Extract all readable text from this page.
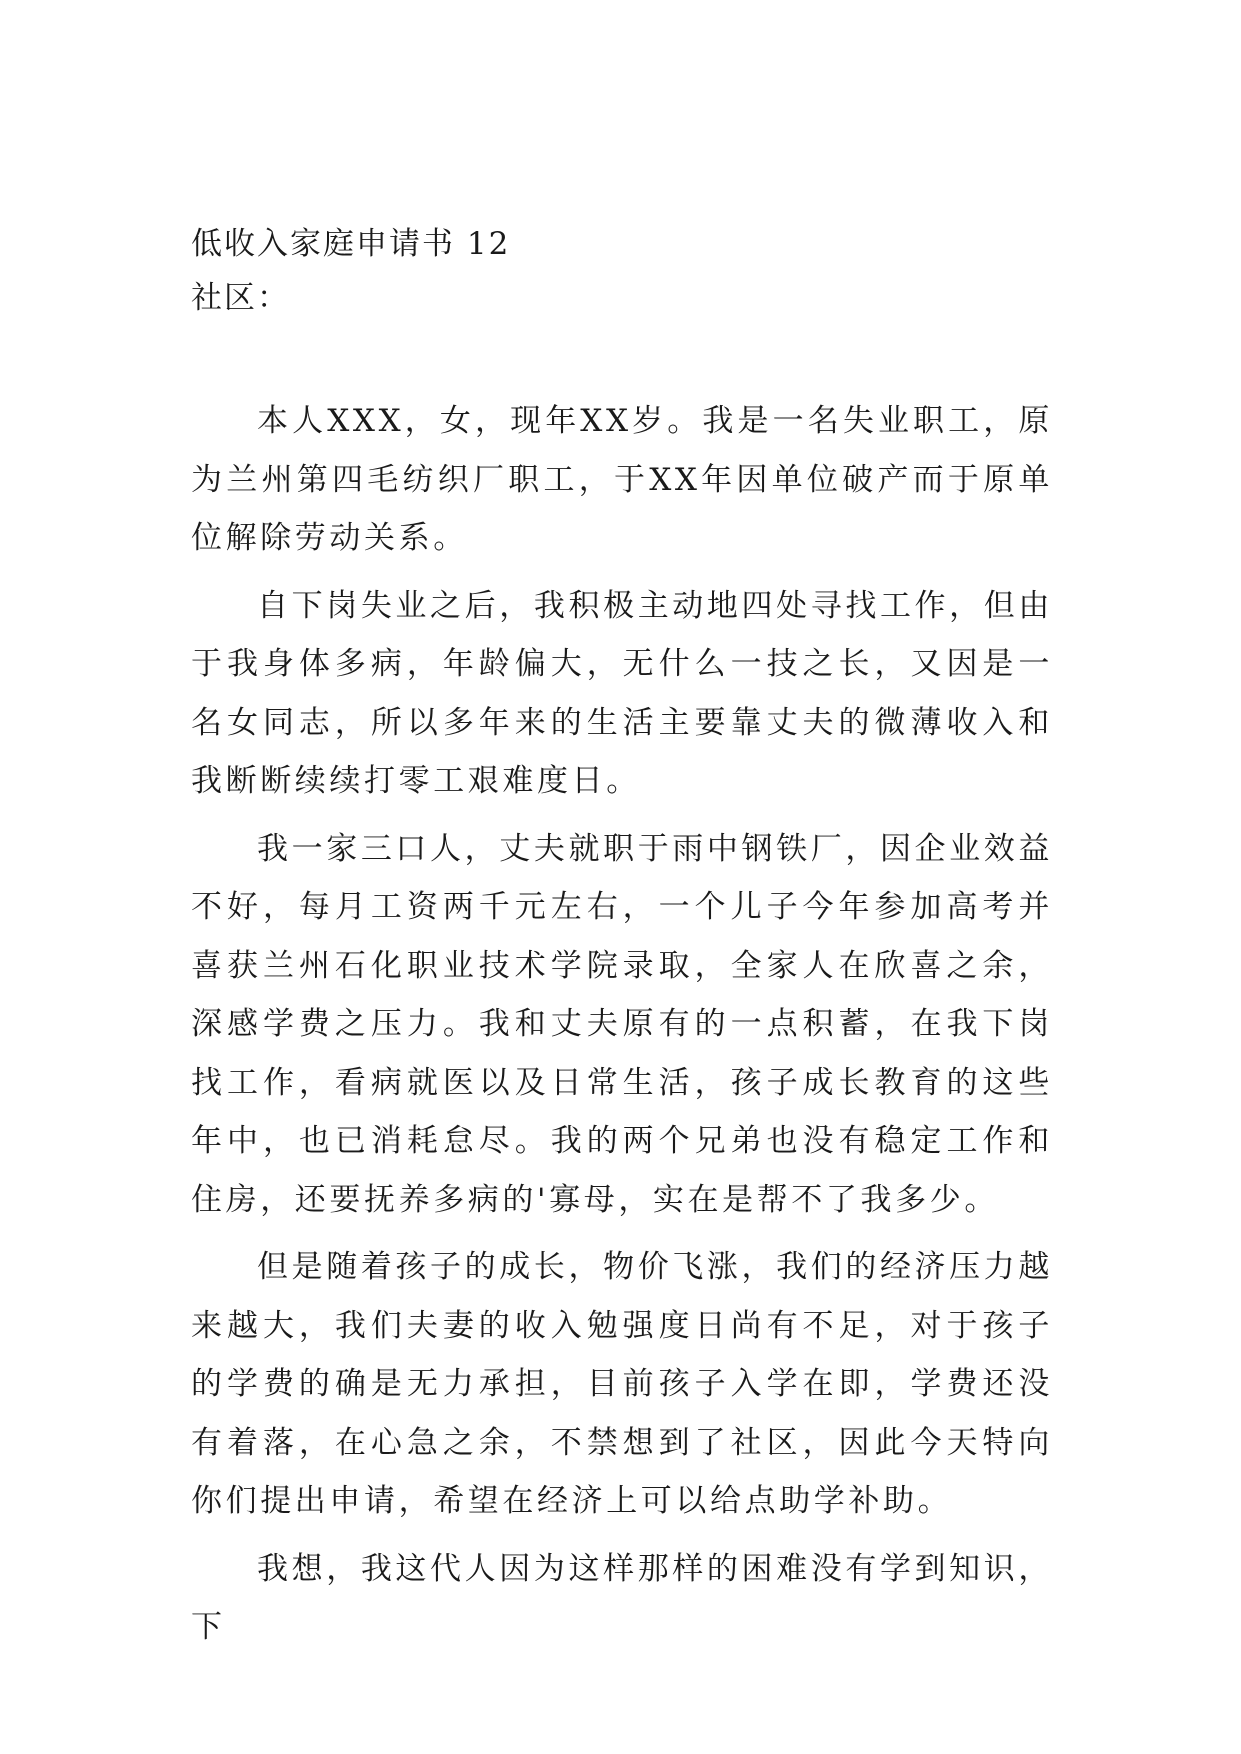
低收入家庭申请书 12

社区：

本人XXX，女，现年XX岁。我是一名失业职工，原为兰州第四毛纺织厂职工，于XX年因单位破产而于原单位解除劳动关系。

自下岗失业之后，我积极主动地四处寻找工作，但由于我身体多病，年龄偏大，无什么一技之长，又因是一名女同志，所以多年来的生活主要靠丈夫的微薄收入和我断断续续打零工艰难度日。

我一家三口人，丈夫就职于雨中钢铁厂，因企业效益不好，每月工资两千元左右，一个儿子今年参加高考并喜获兰州石化职业技术学院录取，全家人在欣喜之余，深感学费之压力。我和丈夫原有的一点积蓄，在我下岗找工作，看病就医以及日常生活，孩子成长教育的这些年中，也已消耗怠尽。我的两个兄弟也没有稳定工作和住房，还要抚养多病的'寡母，实在是帮不了我多少。

但是随着孩子的成长，物价飞涨，我们的经济压力越来越大，我们夫妻的收入勉强度日尚有不足，对于孩子的学费的确是无力承担，目前孩子入学在即，学费还没有着落，在心急之余，不禁想到了社区，因此今天特向你们提出申请，希望在经济上可以给点助学补助。

我想，我这代人因为这样那样的困难没有学到知识，下
